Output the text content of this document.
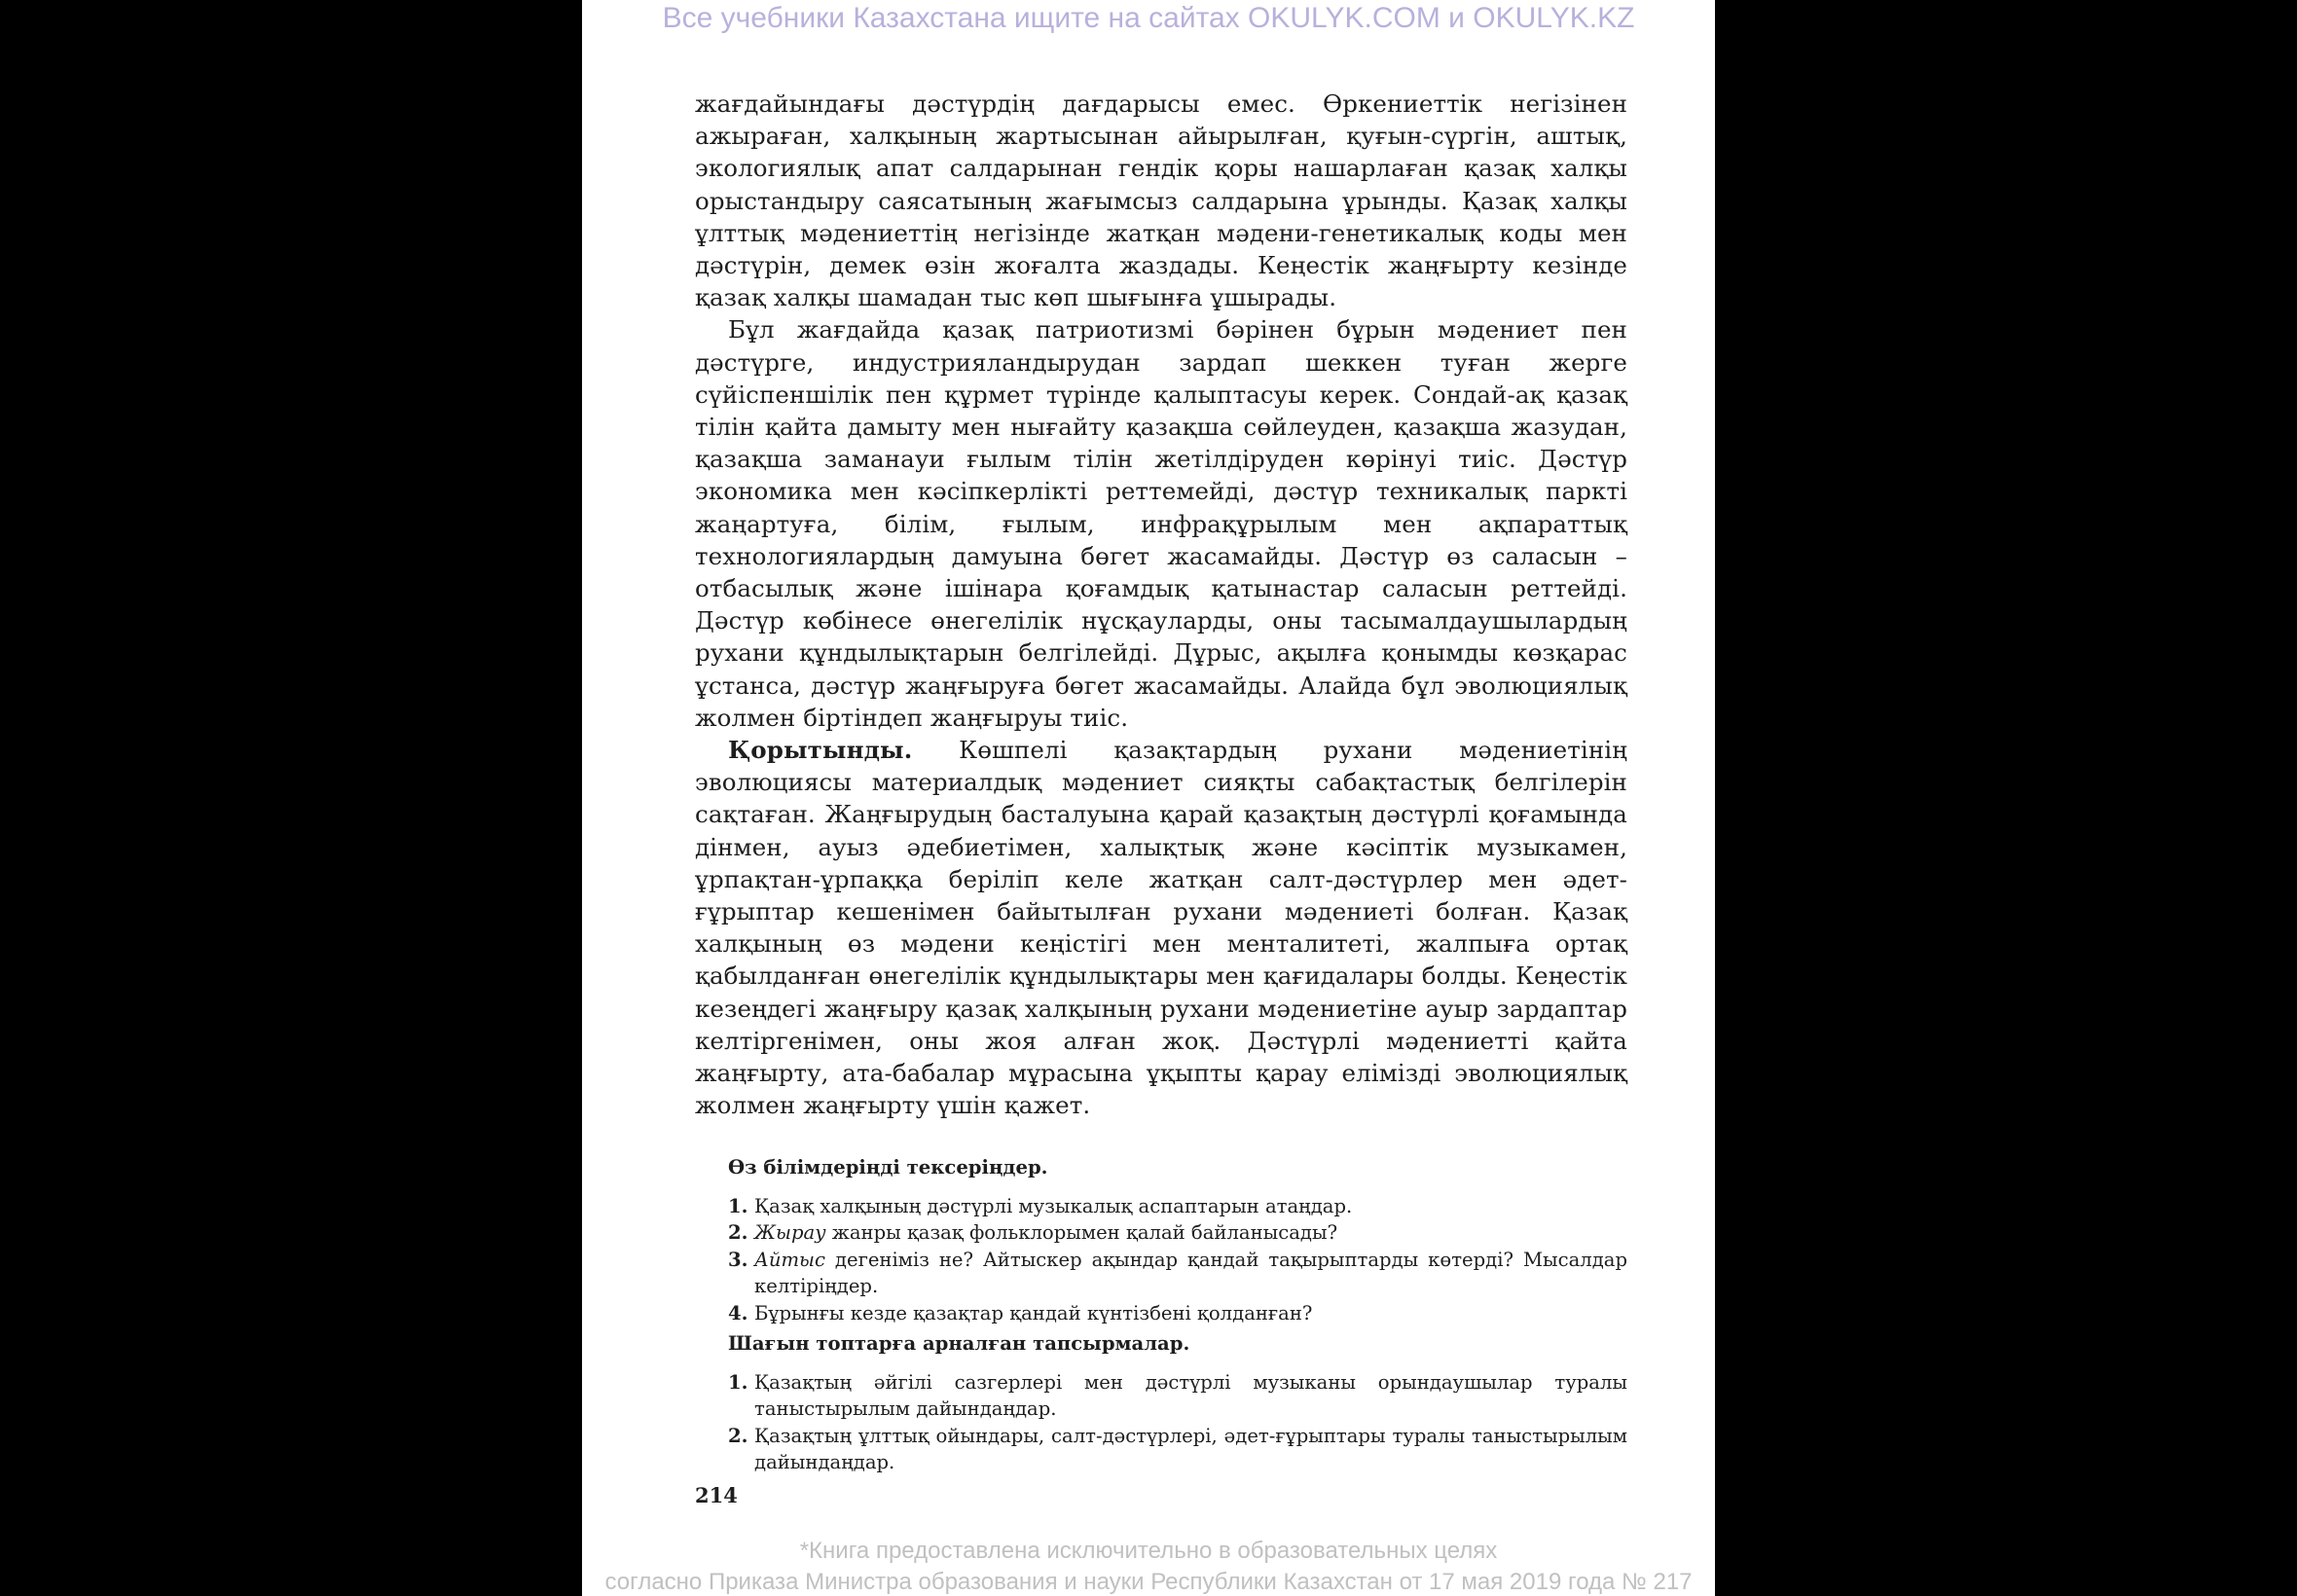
Все учебники Казахстана ищите на сайтах OKULYK.COM и OKULYK.KZ

жағдайындағы дәстүрдің дағдарысы емес. Өркениеттік негізінен ажыраған, халқының жартысынан айырылған, қуғын-сүргін, аштық, экологиялық апат салдарынан гендік қоры нашарлаған қазақ халқы орыстандыру саясатының жағымсыз салдарына ұрынды. Қазақ халқы ұлттық мәдениеттің негізінде жатқан мәдени-генетикалық коды мен дәстүрін, демек өзін жоғалта жаздады. Кеңестік жаңғырту кезінде қазақ халқы шамадан тыс көп шығынға ұшырады.

Бұл жағдайда қазақ патриотизмі бәрінен бұрын мәдениет пен дәстүрге, индустрияландырудан зардап шеккен туған жерге сүйіспеншілік пен құрмет түрінде қалыптасуы керек. Сондай-ақ қазақ тілін қайта дамыту мен нығайту қазақша сөйлеуден, қазақша жазудан, қазақша заманауи ғылым тілін жетілдіруден көрінуі тиіс. Дәстүр экономика мен кәсіпкерлікті реттемейді, дәстүр техникалық паркті жаңартуға, білім, ғылым, инфрақұрылым мен ақпараттық технологиялардың дамуына бөгет жасамайды. Дәстүр өз саласын – отбасылық және ішінара қоғамдық қатынастар саласын реттейді. Дәстүр көбінесе өнегелілік нұсқауларды, оны тасымалдаушылардың рухани құндылықтарын белгілейді. Дұрыс, ақылға қонымды көзқарас ұстанса, дәстүр жаңғыруға бөгет жасамайды. Алайда бұл эволюциялық жолмен біртіндеп жаңғыруы тиіс.

Қорытынды. Көшпелі қазақтардың рухани мәдениетінің эволюциясы материалдық мәдениет сияқты сабақтастық белгілерін сақтаған. Жаңғырудың басталуына қарай қазақтың дәстүрлі қоғамында дінмен, ауыз әдебиетімен, халықтық және кәсіптік музыкамен, ұрпақтан-ұрпаққа беріліп келе жатқан салт-дәстүрлер мен әдет-ғұрыптар кешенімен байытылған рухани мәдениеті болған. Қазақ халқының өз мәдени кеңістігі мен менталитеті, жалпыға ортақ қабылданған өнегелілік құндылықтары мен қағидалары болды. Кеңестік кезеңдегі жаңғыру қазақ халқының рухани мәдениетіне ауыр зардаптар келтіргенімен, оны жоя алған жоқ. Дәстүрлі мәдениетті қайта жаңғырту, ата-бабалар мұрасына ұқыпты қарау елімізді эволюциялық жолмен жаңғырту үшін қажет.

Өз білімдеріңді тексеріңдер.

1. Қазақ халқының дәстүрлі музыкалық аспаптарын атаңдар.
2. Жырау жанры қазақ фольклорымен қалай байланысады?
3. Айтыс дегеніміз не? Айтыскер ақындар қандай тақырыптарды көтерді? Мысалдар келтіріңдер.
4. Бұрынғы кезде қазақтар қандай күнтізбені қолданған?

Шағын топтарға арналған тапсырмалар.

1. Қазақтың әйгілі сазгерлері мен дәстүрлі музыканы орындаушылар туралы таныстырылым дайындаңдар.
2. Қазақтың ұлттық ойындары, салт-дәстүрлері, әдет-ғұрыптары туралы таныстырылым дайындаңдар.
214

*Книга предоставлена исключительно в образовательных целях

согласно Приказа Министра образования и науки Республики Казахстан от 17 мая 2019 года № 217
